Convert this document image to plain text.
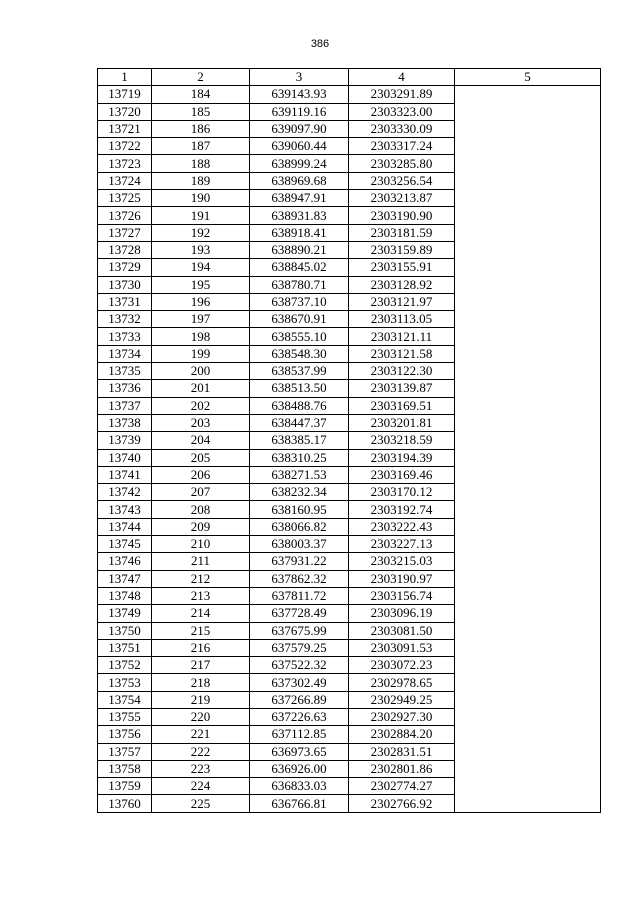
386
1	2	3	4	5
13719	184	639143.93	2303291.89	
13720	185	639119.16	2303323.00	
13721	186	639097.90	2303330.09	
13722	187	639060.44	2303317.24	
13723	188	638999.24	2303285.80	
13724	189	638969.68	2303256.54	
13725	190	638947.91	2303213.87	
13726	191	638931.83	2303190.90	
13727	192	638918.41	2303181.59	
13728	193	638890.21	2303159.89	
13729	194	638845.02	2303155.91	
13730	195	638780.71	2303128.92	
13731	196	638737.10	2303121.97	
13732	197	638670.91	2303113.05	
13733	198	638555.10	2303121.11	
13734	199	638548.30	2303121.58	
13735	200	638537.99	2303122.30	
13736	201	638513.50	2303139.87	
13737	202	638488.76	2303169.51	
13738	203	638447.37	2303201.81	
13739	204	638385.17	2303218.59	
13740	205	638310.25	2303194.39	
13741	206	638271.53	2303169.46	
13742	207	638232.34	2303170.12	
13743	208	638160.95	2303192.74	
13744	209	638066.82	2303222.43	
13745	210	638003.37	2303227.13	
13746	211	637931.22	2303215.03	
13747	212	637862.32	2303190.97	
13748	213	637811.72	2303156.74	
13749	214	637728.49	2303096.19	
13750	215	637675.99	2303081.50	
13751	216	637579.25	2303091.53	
13752	217	637522.32	2303072.23	
13753	218	637302.49	2302978.65	
13754	219	637266.89	2302949.25	
13755	220	637226.63	2302927.30	
13756	221	637112.85	2302884.20	
13757	222	636973.65	2302831.51	
13758	223	636926.00	2302801.86	
13759	224	636833.03	2302774.27	
13760	225	636766.81	2302766.92	
